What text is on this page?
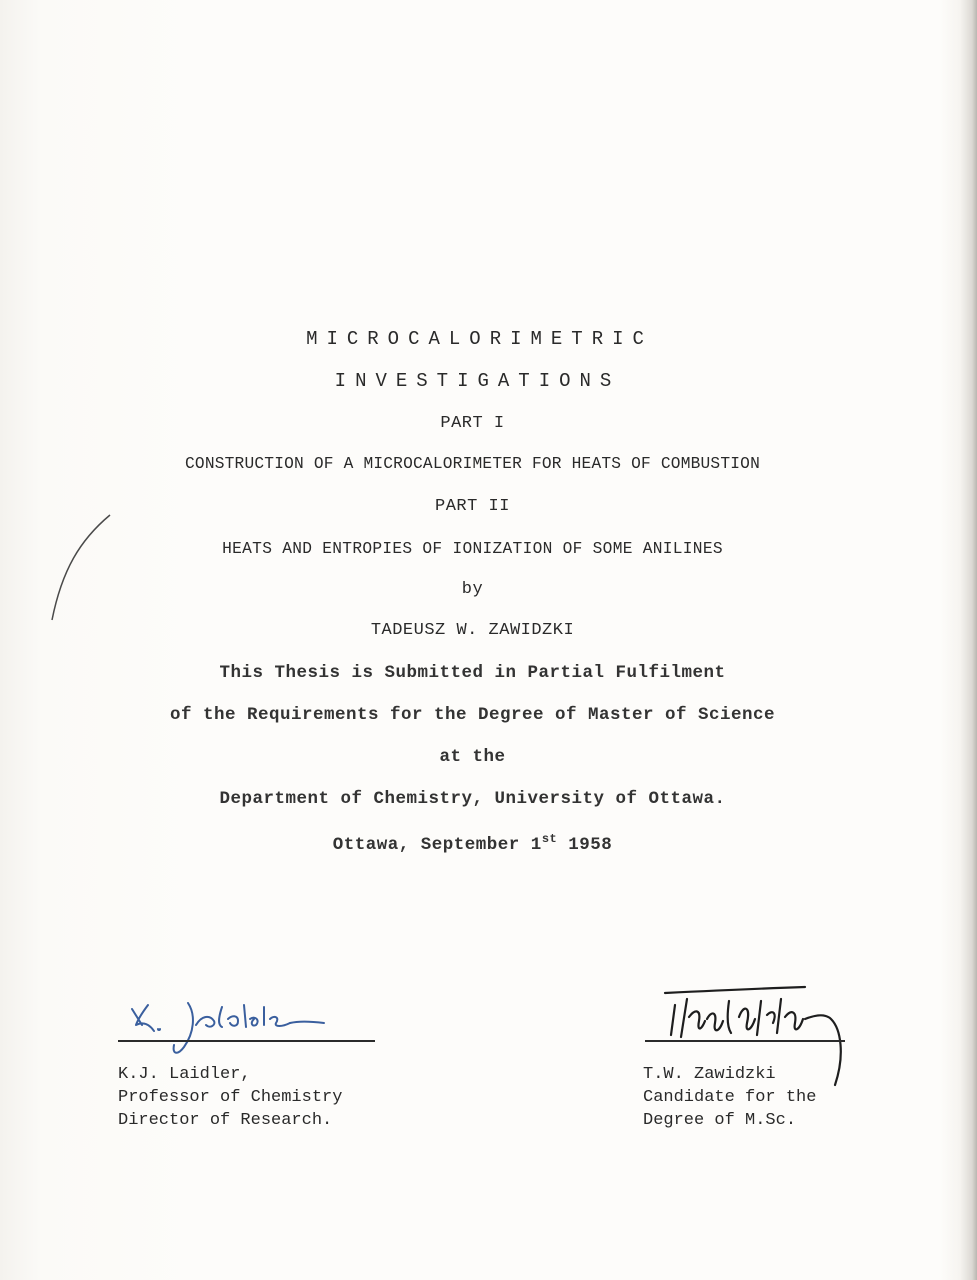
MICROCALORIMETRIC
INVESTIGATIONS
PART I
CONSTRUCTION OF A MICROCALORIMETER FOR HEATS OF COMBUSTION
PART II
HEATS AND ENTROPIES OF IONIZATION OF SOME ANILINES
by
TADEUSZ W. ZAWIDZKI
This Thesis is Submitted in Partial Fulfilment
of the Requirements for the Degree of Master of Science
at the
Department of Chemistry, University of Ottawa.
Ottawa, September 1st 1958
K.J. Laidler,
Professor of Chemistry
Director of Research.
T.W. Zawidzki
Candidate for the
Degree of M.Sc.
